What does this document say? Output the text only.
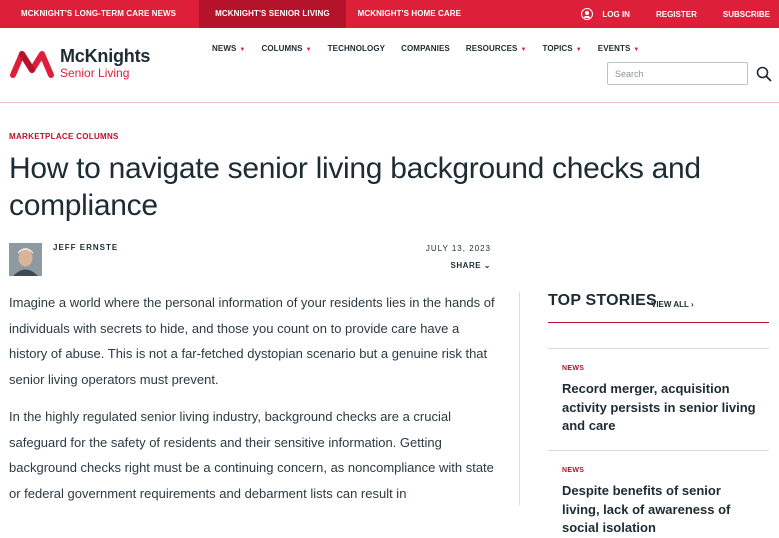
MCKNIGHT'S LONG-TERM CARE NEWS	MCKNIGHT'S SENIOR LIVING	MCKNIGHT'S HOME CARE	LOG IN	REGISTER	SUBSCRIBE
McKnights
Senior Living
NEWS ▼ COLUMNS ▼ TECHNOLOGY COMPANIES RESOURCES ▼ TOPICS ▼ EVENTS ▼
Search
MARKETPLACE COLUMNS
How to navigate senior living background checks and compliance
JEFF ERNSTE	JULY 13, 2023
SHARE ⌄

Imagine a world where the personal information of your residents lies in the hands of individuals with secrets to hide, and those you count on to provide care have a history of abuse. This is not a far-fetched dystopian scenario but a genuine risk that senior living operators must prevent.

In the highly regulated senior living industry, background checks are a crucial safeguard for the safety of residents and their sensitive information. Getting background checks right must be a continuing concern, as noncompliance with state or federal government requirements and debarment lists can result in

TOP STORIES
VIEW ALL ›
NEWS
Record merger, acquisition activity persists in senior living and care
NEWS
Despite benefits of senior living, lack of awareness of social isolation
